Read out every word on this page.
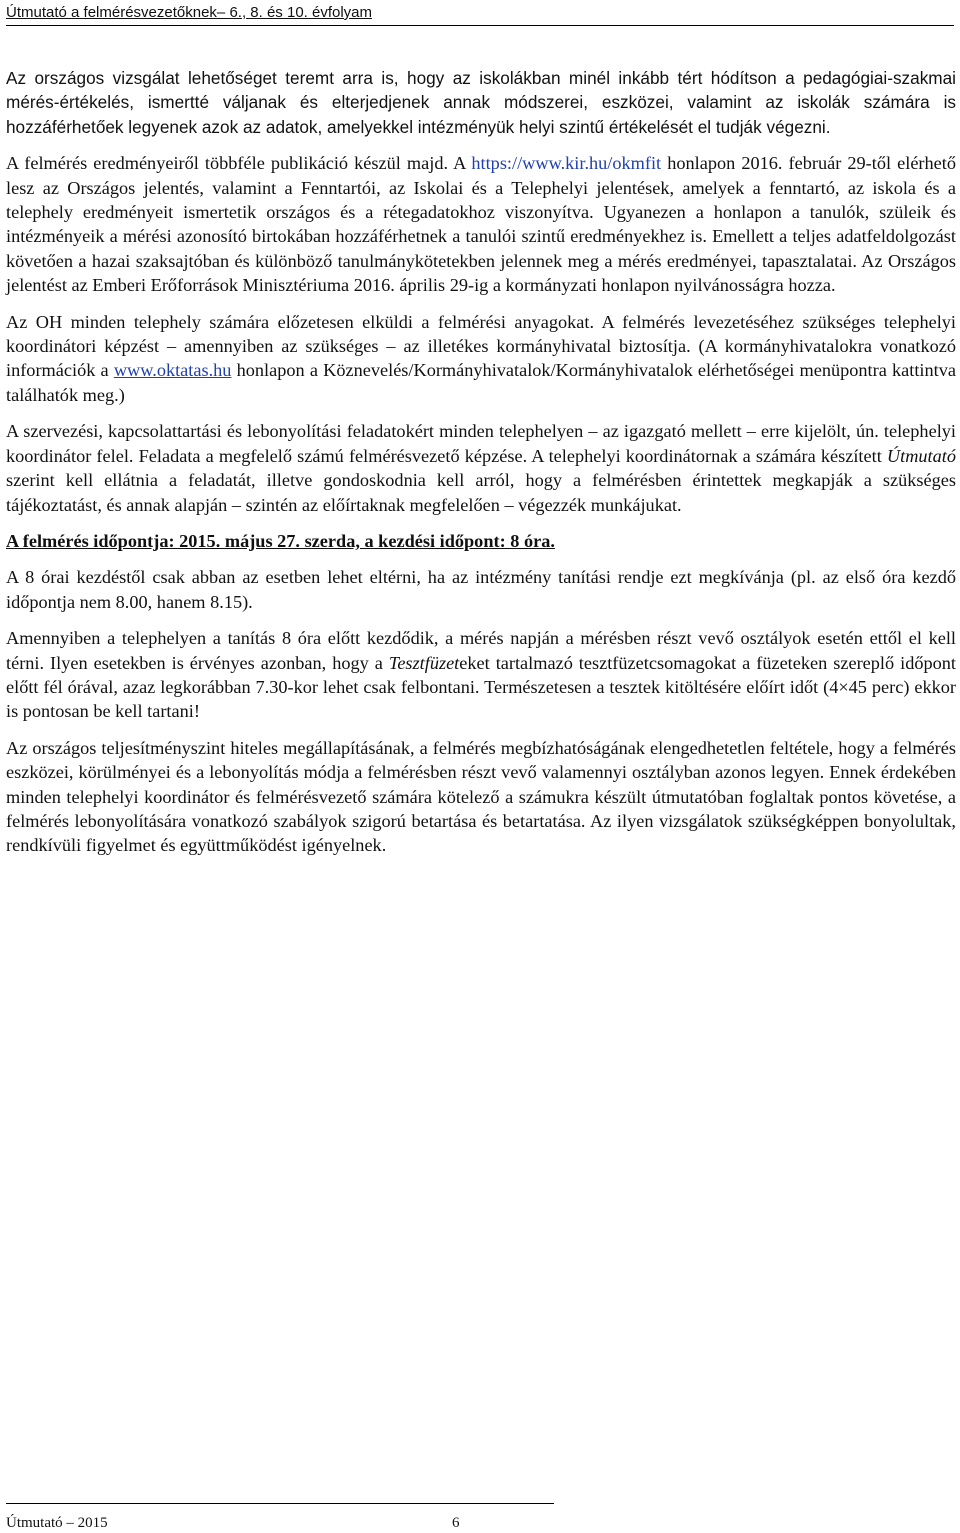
Útmutató a felmérésvezetőknek– 6., 8. és 10. évfolyam

Az országos vizsgálat lehetőséget teremt arra is, hogy az iskolákban minél inkább tért hódítson a pedagógiai-szakmai mérés-értékelés, ismertté váljanak és elterjedjenek annak módszerei, eszközei, valamint az iskolák számára is hozzáférhetőek legyenek azok az adatok, amelyekkel intézményük helyi szintű értékelését el tudják végezni.

A felmérés eredményeiről többféle publikáció készül majd. A https://www.kir.hu/okmfit honlapon 2016. február 29-től elérhető lesz az Országos jelentés, valamint a Fenntartói, az Iskolai és a Telephelyi jelentések, amelyek a fenntartó, az iskola és a telephely eredményeit ismertetik országos és a rétegadatokhoz viszonyítva. Ugyanezen a honlapon a tanulók, szüleik és intézményeik a mérési azonosító birtokában hozzáférhetnek a tanulói szintű eredményekhez is. Emellett a teljes adatfeldolgozást követően a hazai szaksajtóban és különböző tanulmánykötetekben jelennek meg a mérés eredményei, tapasztalatai. Az Országos jelentést az Emberi Erőforrások Minisztériuma 2016. április 29-ig a kormányzati honlapon nyilvánosságra hozza.

Az OH minden telephely számára előzetesen elküldi a felmérési anyagokat. A felmérés levezetéséhez szükséges telephelyi koordinátori képzést – amennyiben az szükséges – az illetékes kormányhivatal biztosítja. (A kormányhivatalokra vonatkozó információk a www.oktatas.hu honlapon a Köznevelés/Kormányhivatalok/Kormányhivatalok elérhetőségei menüpontra kattintva találhatók meg.)

A szervezési, kapcsolattartási és lebonyolítási feladatokért minden telephelyen – az igazgató mellett – erre kijelölt, ún. telephelyi koordinátor felel. Feladata a megfelelő számú felmérésvezető képzése. A telephelyi koordinátornak a számára készített Útmutató szerint kell ellátnia a feladatát, illetve gondoskodnia kell arról, hogy a felmérésben érintettek megkapják a szükséges tájékoztatást, és annak alapján – szintén az előírtaknak megfelelően – végezzék munkájukat.

A felmérés időpontja: 2015. május 27. szerda, a kezdési időpont: 8 óra.

A 8 órai kezdéstől csak abban az esetben lehet eltérni, ha az intézmény tanítási rendje ezt megkívánja (pl. az első óra kezdő időpontja nem 8.00, hanem 8.15).

Amennyiben a telephelyen a tanítás 8 óra előtt kezdődik, a mérés napján a mérésben részt vevő osztályok esetén ettől el kell térni. Ilyen esetekben is érvényes azonban, hogy a Tesztfüzeteket tartalmazó tesztfüzetcsomagokat a füzeteken szereplő időpont előtt fél órával, azaz legkorábban 7.30-kor lehet csak felbontani. Természetesen a tesztek kitöltésére előírt időt (4×45 perc) ekkor is pontosan be kell tartani!

Az országos teljesítményszint hiteles megállapításának, a felmérés megbízhatóságának elengedhetetlen feltétele, hogy a felmérés eszközei, körülményei és a lebonyolítás módja a felmérésben részt vevő valamennyi osztályban azonos legyen. Ennek érdekében minden telephelyi koordinátor és felmérésvezető számára kötelező a számukra készült útmutatóban foglaltak pontos követése, a felmérés lebonyolítására vonatkozó szabályok szigorú betartása és betartatása. Az ilyen vizsgálatok szükségképpen bonyolultak, rendkívüli figyelmet és együttműködést igényelnek.

Útmutató – 2015	6
